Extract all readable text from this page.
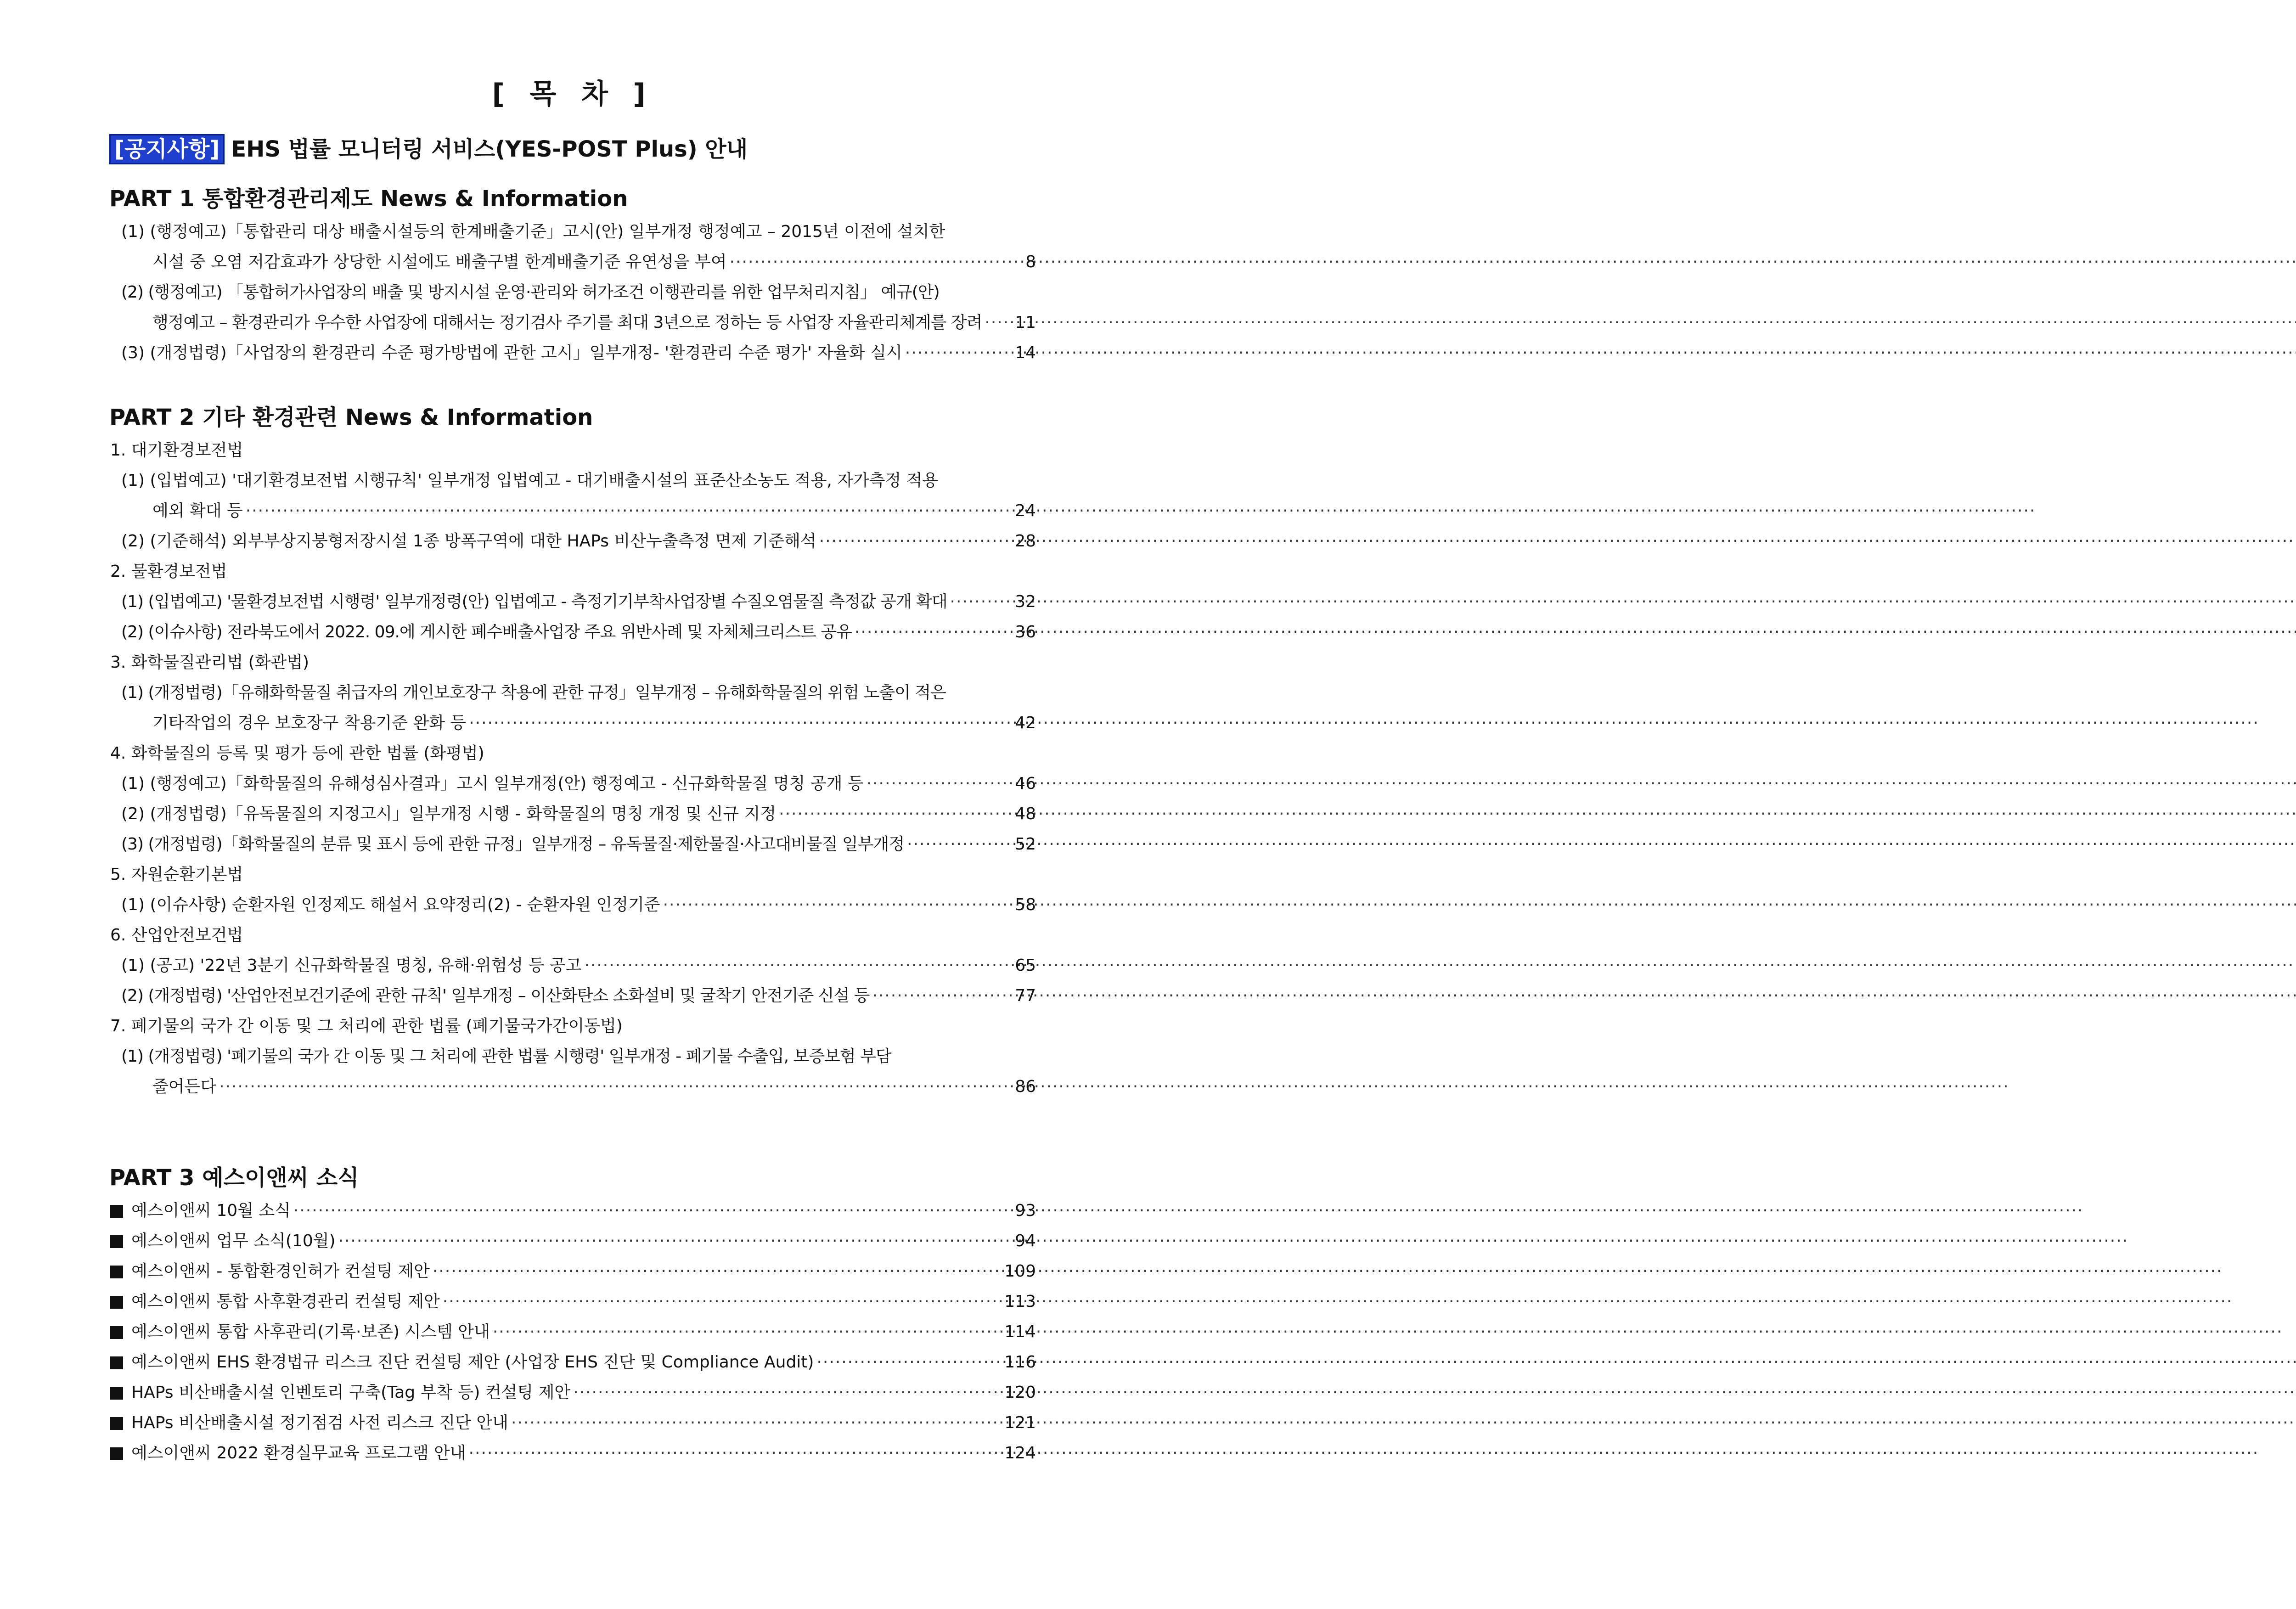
[ 목 차 ]
[공지사항] EHS 법률 모니터링 서비스(YES-POST Plus) 안내
PART 1 통합환경관리제도 News & Information
(1) (행정예고)「통합관리 대상 배출시설등의 한계배출기준」고시(안) 일부개정 행정예고 – 2015년 이전에 설치한
시설 중 오염 저감효과가 상당한 시설에도 배출구별 한계배출기준 유연성을 부여 ·····	8
(2) (행정예고) 「통합허가사업장의 배출 및 방지시설 운영·관리와 허가조건 이행관리를 위한 업무처리지침」 예규(안)
행정예고 – 환경관리가 우수한 사업장에 대해서는 정기검사 주기를 최대 3년으로 정하는 등 사업장 자율관리체계를 장려 ····· 11
(3) (개정법령)「사업장의 환경관리 수준 평가방법에 관한 고시」일부개정- '환경관리 수준 평가' 자율화 실시 ·····	14
PART 2 기타 환경관련 News & Information
1. 대기환경보전법
(1) (입법예고) '대기환경보전법 시행규칙' 일부개정 입법예고 - 대기배출시설의 표준산소농도 적용, 자가측정 적용
예외 확대 등 ·····	24
(2) (기준해석) 외부부상지붕형저장시설 1종 방폭구역에 대한 HAPs 비산누출측정 면제 기준해석 ·····	28
2. 물환경보전법
(1) (입법예고) '물환경보전법 시행령' 일부개정령(안) 입법예고 - 측정기기부착사업장별 수질오염물질 측정값 공개 확대 ·····	32
(2) (이슈사항) 전라북도에서 2022. 09.에 게시한 폐수배출사업장 주요 위반사례 및 자체체크리스트 공유 ·····	36
3. 화학물질관리법 (화관법)
(1) (개정법령)「유해화학물질 취급자의 개인보호장구 착용에 관한 규정」일부개정 – 유해화학물질의 위험 노출이 적은
기타작업의 경우 보호장구 착용기준 완화 등 ·····	42
4. 화학물질의 등록 및 평가 등에 관한 법률 (화평법)
(1) (행정예고)「화학물질의 유해성심사결과」고시 일부개정(안) 행정예고 - 신규화학물질 명칭 공개 등 ·····	46
(2) (개정법령)「유독물질의 지정고시」일부개정 시행 - 화학물질의 명칭 개정 및 신규 지정 ·····	48
(3) (개정법령)「화학물질의 분류 및 표시 등에 관한 규정」일부개정 – 유독물질·제한물질·사고대비물질 일부개정 ·····	52
5. 자원순환기본법
(1) (이슈사항) 순환자원 인정제도 해설서 요약정리(2) - 순환자원 인정기준 ·····	58
6. 산업안전보건법
(1) (공고) '22년 3분기 신규화학물질 명칭, 유해·위험성 등 공고 ·····	65
(2) (개정법령) '산업안전보건기준에 관한 규칙' 일부개정 – 이산화탄소 소화설비 및 굴착기 안전기준 신설 등 ·····	77
7. 폐기물의 국가 간 이동 및 그 처리에 관한 법률 (폐기물국가간이동법)
(1) (개정법령) '폐기물의 국가 간 이동 및 그 처리에 관한 법률 시행령' 일부개정 - 폐기물 수출입, 보증보험 부담
줄어든다 ·····	86
PART 3 예스이앤씨 소식
예스이앤씨 10월 소식 ·····	93
예스이앤씨 업무 소식(10월) ·····	94
예스이앤씨 - 통합환경인허가 컨설팅 제안 ·····	109
예스이앤씨 통합 사후환경관리 컨설팅 제안 ·····	113
예스이앤씨 통합 사후관리(기록·보존) 시스템 안내 ·····	114
예스이앤씨 EHS 환경법규 리스크 진단 컨설팅 제안 (사업장 EHS 진단 및 Compliance Audit) ·····	116
HAPs 비산배출시설 인벤토리 구축(Tag 부착 등) 컨설팅 제안 ·····	120
HAPs 비산배출시설 정기점검 사전 리스크 진단 안내 ·····	121
예스이앤씨 2022 환경실무교육 프로그램 안내 ·····	124
